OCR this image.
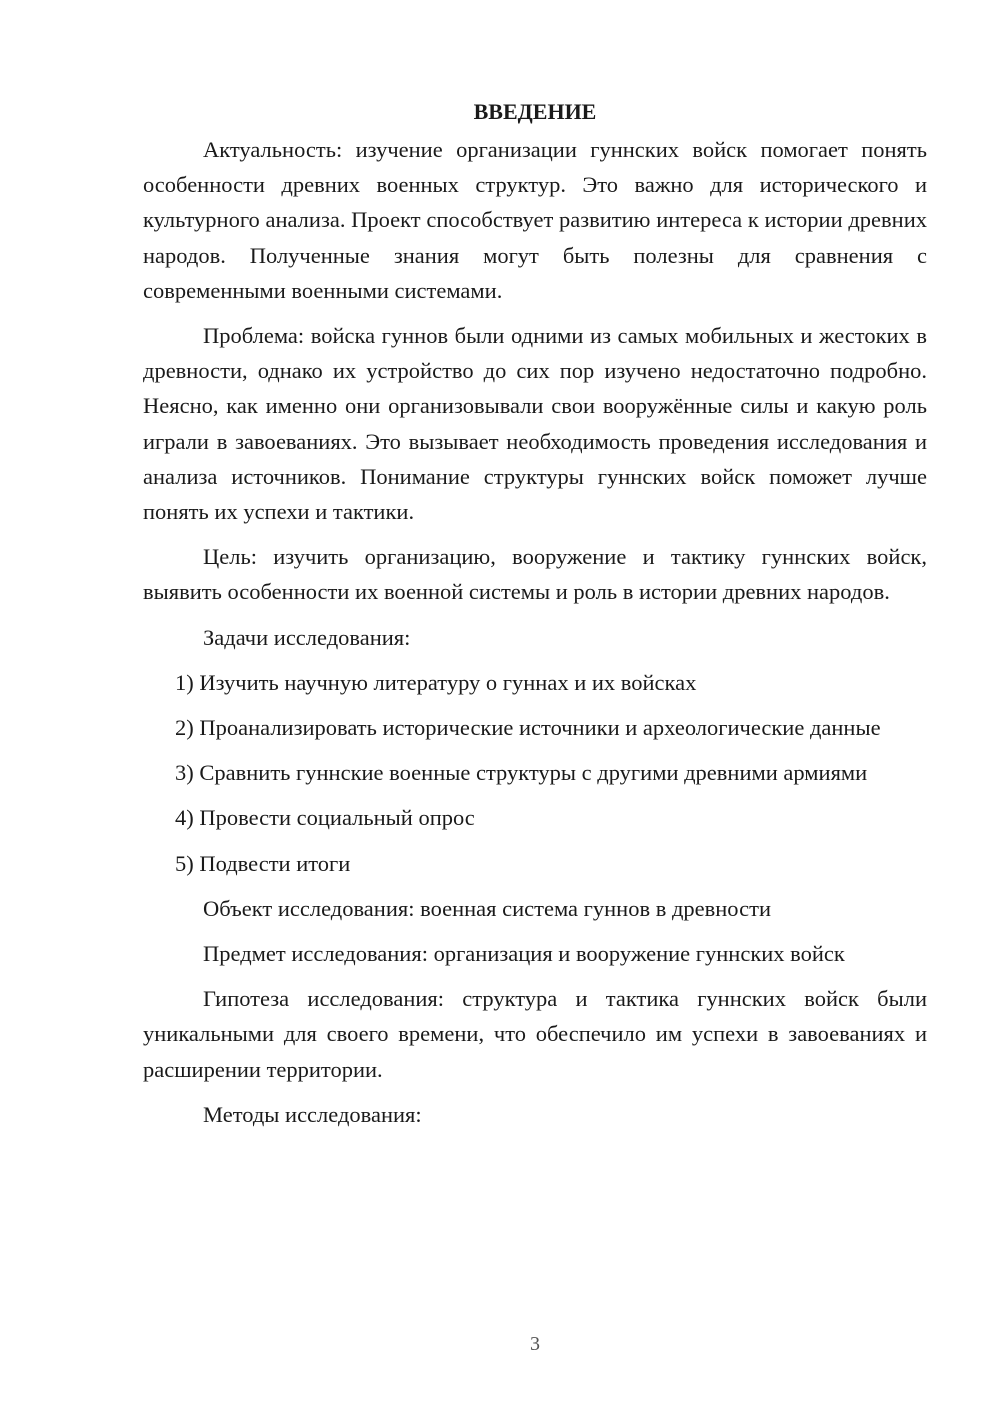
ВВЕДЕНИЕ

Актуальность: изучение организации гуннских войск помогает понять особенности древних военных структур. Это важно для исторического и культурного анализа. Проект способствует развитию интереса к истории древних народов. Полученные знания могут быть полезны для сравнения с современными военными системами.

Проблема: войска гуннов были одними из самых мобильных и жестоких в древности, однако их устройство до сих пор изучено недостаточно подробно. Неясно, как именно они организовывали свои вооружённые силы и какую роль играли в завоеваниях. Это вызывает необходимость проведения исследования и анализа источников. Понимание структуры гуннских войск поможет лучше понять их успехи и тактики.

Цель: изучить организацию, вооружение и тактику гуннских войск, выявить особенности их военной системы и роль в истории древних народов.

Задачи исследования:

1) Изучить научную литературу о гуннах и их войсках

2) Проанализировать исторические источники и археологические данные

3) Сравнить гуннские военные структуры с другими древними армиями

4) Провести социальный опрос

5) Подвести итоги

Объект исследования: военная система гуннов в древности

Предмет исследования: организация и вооружение гуннских войск

Гипотеза исследования: структура и тактика гуннских войск были уникальными для своего времени, что обеспечило им успехи в завоеваниях и расширении территории.

Методы исследования:

3
